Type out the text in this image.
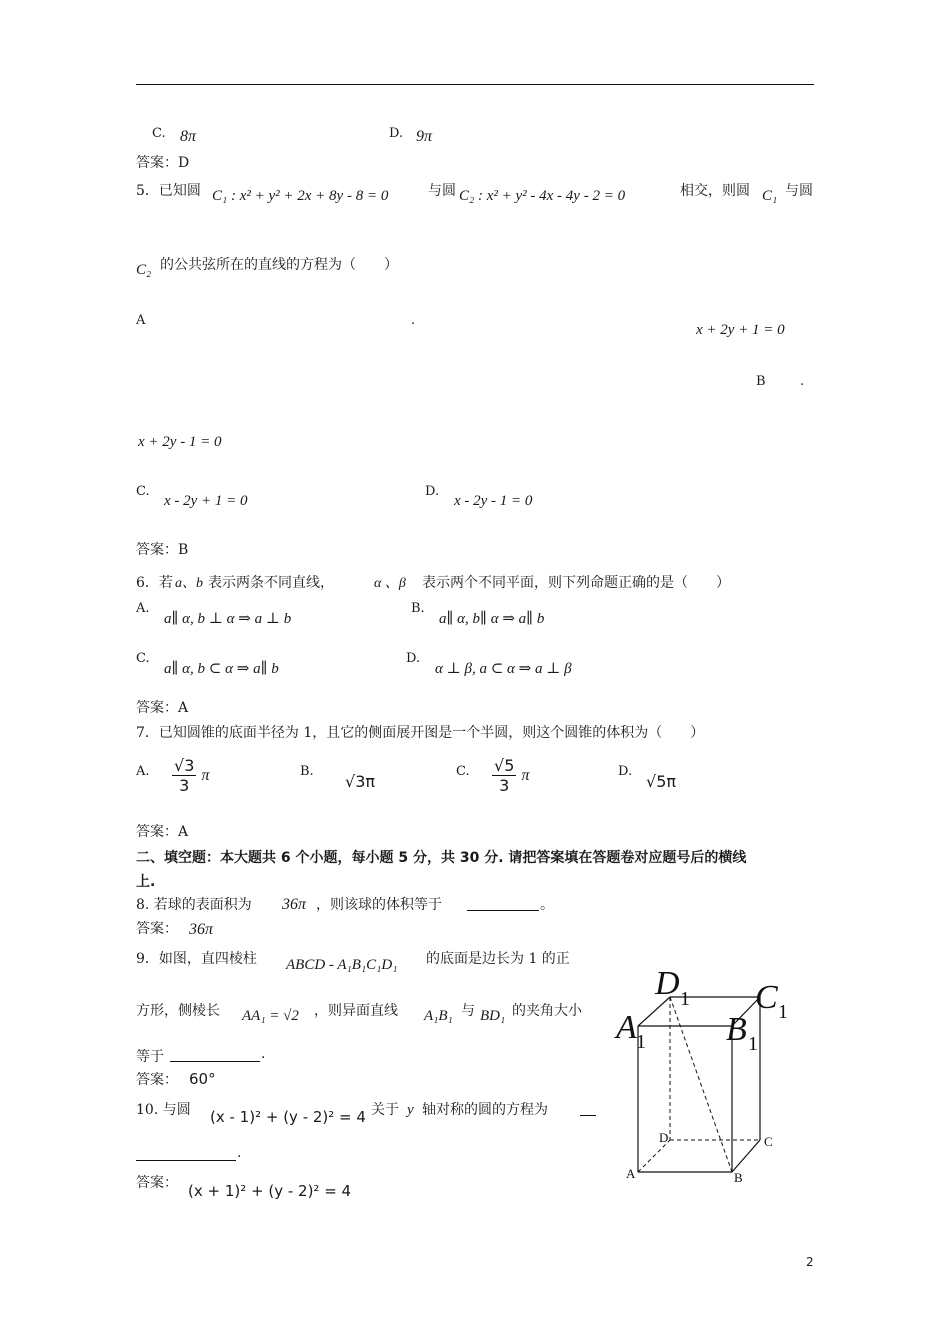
C. 8π	D. 9π
答案：D
5．已知圆 C₁ : x² + y² + 2x + 8y - 8 = 0	与圆 C₂ : x² + y² - 4x - 4y - 2 = 0	相交，则圆 C₁ 与圆
C₂ 的公共弦所在的直线的方程为（　　）
A	.
x + 2y + 1 = 0
B	.
x + 2y - 1 = 0
C.
x - 2y + 1 = 0
D.
x - 2y - 1 = 0
答案：B
6．若 a、b 表示两条不同直线，	α 、β 表示两个不同平面，则下列命题正确的是（　　）
A.
a∥ α, b ⊥ α ⇒ a ⊥ b
B.
a∥ α, b∥ α ⇒ a∥ b
C.
a∥ α, b ⊂ α ⇒ a∥ b
D.
α ⊥ β, a ⊂ α ⇒ a ⊥ β
答案：A
7．已知圆锥的底面半径为 1，且它的侧面展开图是一个半圆，则这个圆锥的体积为（　　）
A. $\frac{√3}{3}$ π	B.
√3π
C. $\frac{√5}{3}$ π	D.
√5π
答案：A
二、填空题：本大题共 6 个小题，每小题 5 分，共 30 分. 请把答案填在答题卷对应题号后的横线
上.
8. 若球的表面积为 36π ，则该球的体积等于	。
答案： 36π
9．如图，直四棱柱 ABCD - A₁B₁C₁D₁ 的底面是边长为 1 的正
方形，侧棱长 AA₁ = √2 ，则异面直线 A₁B₁ 与 BD₁ 的夹角大小
等于	.
答案： 60°
10. 与圆 (x - 1)² + (y - 2)² = 4 关于 y 轴对称的圆的方程为
.
答案： (x + 1)² + (y - 2)² = 4
D 1 C 1
A 1 B 1
A	B
C
D
2
